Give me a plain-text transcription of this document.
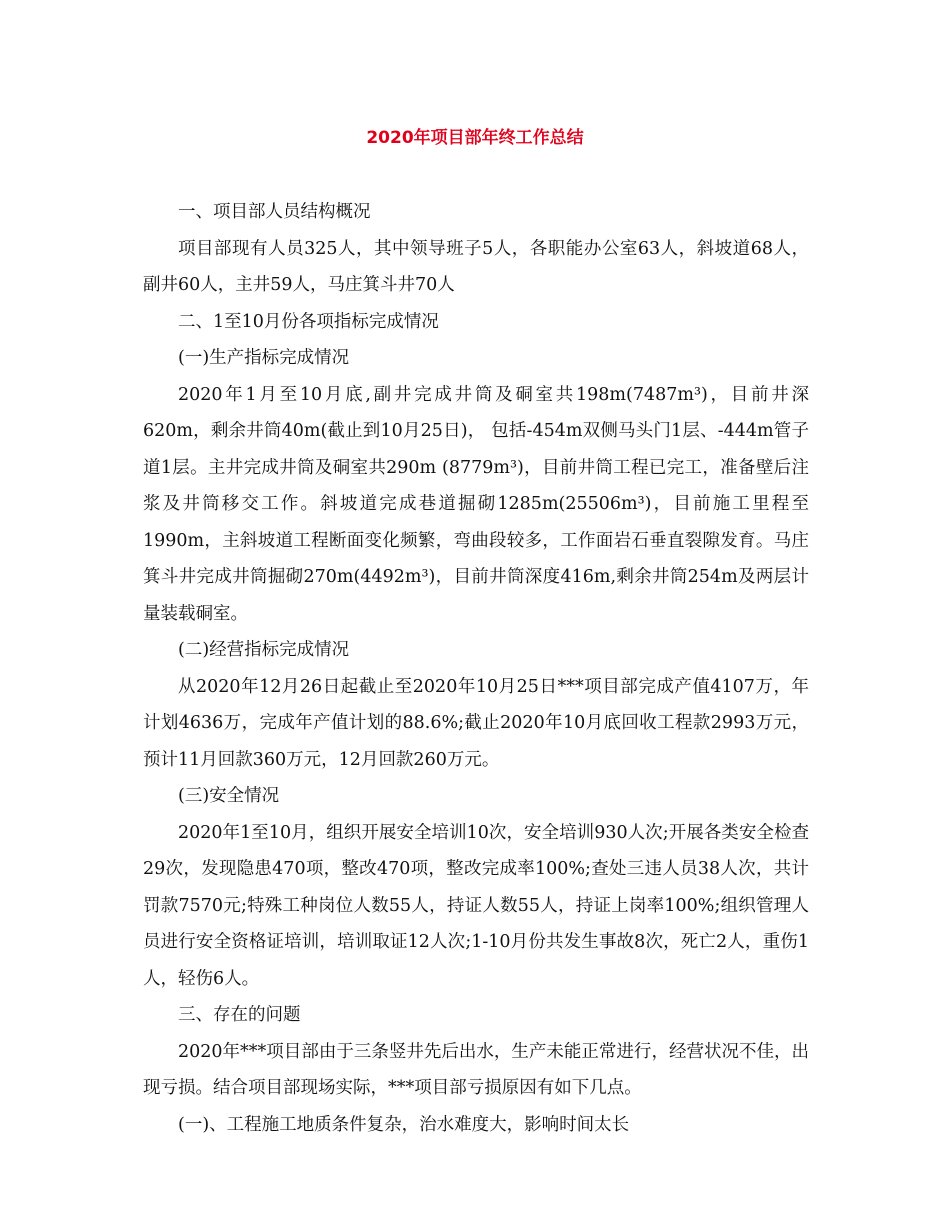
2020年项目部年终工作总结

一、项目部人员结构概况

项目部现有人员325人，其中领导班子5人，各职能办公室63人，斜坡道68人，副井60人，主井59人，马庄箕斗井70人

二、1至10月份各项指标完成情况

(一)生产指标完成情况

2020年1月至10月底,副井完成井筒及硐室共198m(7487m³)，目前井深620m，剩余井筒40m(截止到10月25日)， 包括-454m双侧马头门1层、-444m管子道1层。主井完成井筒及硐室共290m (8779m³)，目前井筒工程已完工，准备壁后注浆及井筒移交工作。斜坡道完成巷道掘砌1285m(25506m³)，目前施工里程至1990m，主斜坡道工程断面变化频繁，弯曲段较多，工作面岩石垂直裂隙发育。马庄箕斗井完成井筒掘砌270m(4492m³)，目前井筒深度416m,剩余井筒254m及两层计量装载硐室。

(二)经营指标完成情况

从2020年12月26日起截止至2020年10月25日***项目部完成产值4107万，年计划4636万，完成年产值计划的88.6%;截止2020年10月底回收工程款2993万元，预计11月回款360万元，12月回款260万元。

(三)安全情况

2020年1至10月，组织开展安全培训10次，安全培训930人次;开展各类安全检查29次，发现隐患470项，整改470项，整改完成率100%;查处三违人员38人次，共计罚款7570元;特殊工种岗位人数55人，持证人数55人，持证上岗率100%;组织管理人员进行安全资格证培训，培训取证12人次;1-10月份共发生事故8次，死亡2人，重伤1人，轻伤6人。

三、存在的问题

2020年***项目部由于三条竖井先后出水，生产未能正常进行，经营状况不佳，出现亏损。结合项目部现场实际，***项目部亏损原因有如下几点。

(一)、工程施工地质条件复杂，治水难度大，影响时间太长
